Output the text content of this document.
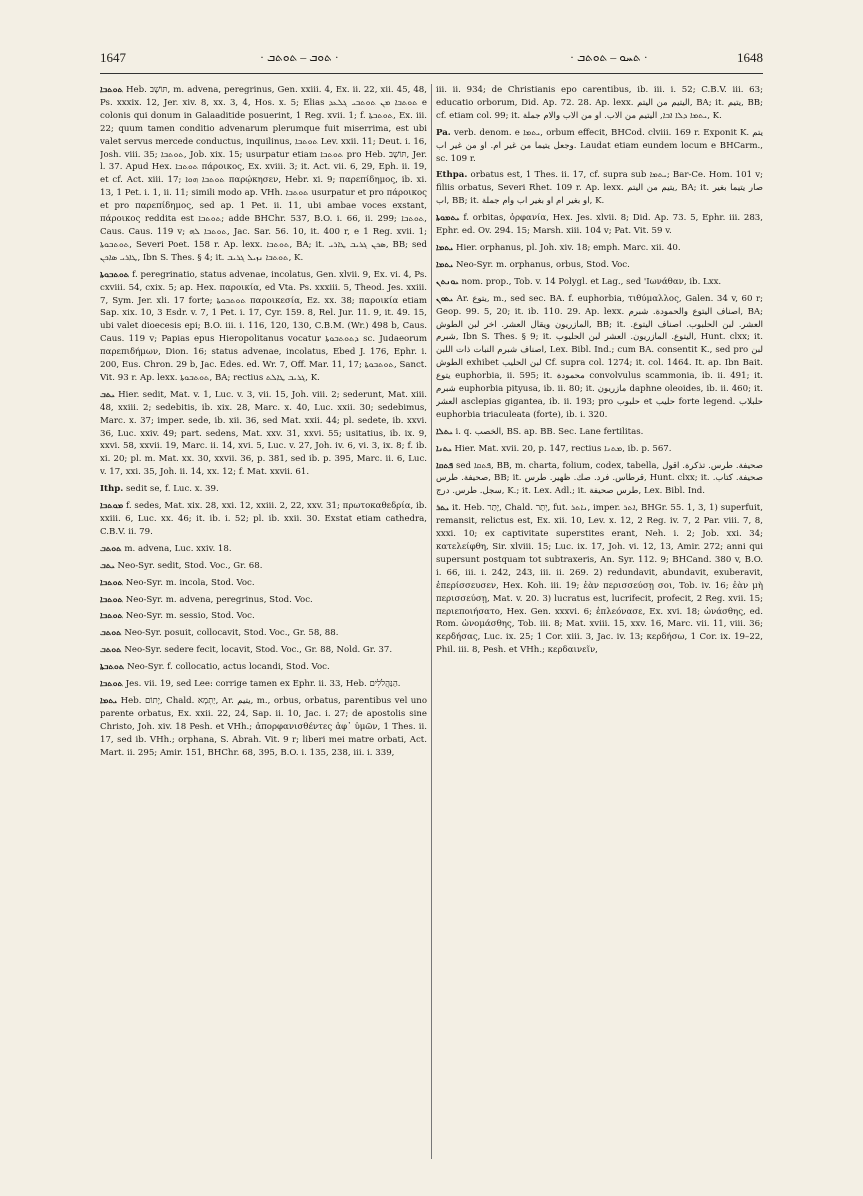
1647	· ܬܘܒ – ܬܘܬܒ ·	· ܬܚܘ – ܬܘܬܒ ·	1648

ܬܘܬܒܐ Heb. תּוֹשָׁב, m. advena, peregrinus, Gen. xxiii. 4, Ex. ii. 22, xii. 45, 48, Ps. xxxix. 12, Jer. xiv. 8, xx. 3, 4, Hos. x. 5; Elias ܬܘܬܒܐ ܡܢ ܬܘܬܒܝ ܓܠܥܕ e colonis qui donum in Galaaditide posuerint, 1 Reg. xvii. 1; f. ܬܘܬܒܬܐ, Ex. iii. 22; quum tamen conditio advenarum plerumque fuit miserrima, est ubi valet servus mercede conductus, inquilinus, ܬܘܬܒܐ Lev. xxii. 11; Deut. i. 16, Josh. viii. 35; ܬܘܬܒܐ, Job. xix. 15; usurpatur etiam ܬܘܬܒܐ pro Heb. תּוֹשָׁב, Jer. l. 37. Apud Hex. ܬܘܬܒܐ πάροικος, Ex. xviii. 3; it. Act. vii. 6, 29, Eph. ii. 19, et cf. Act. xiii. 17; ܬܘܬܒܐ ܗܘܐ παρῴκησεν, Hebr. xi. 9; παρεπίδημος, ib. xi. 13, 1 Pet. i. 1, ii. 11; simili modo ap. VHh. ܬܘܬܒܐ usurpatur et pro πάροικος et pro παρεπίδημος, sed ap. 1 Pet. ii. 11, ubi ambae voces exstant, πάροικος reddita est ܬܘܬܒܐ; adde BHChr. 537, B.O. i. 66, ii. 299; ܬܘܬܒܐ, Caus. Caus. 119 v; ܬܘܬܒܐ ܠܗ, Jac. Sar. 56. 10, it. 400 r, e 1 Reg. xvii. 1; ܬܘܬܒܘܬܐ, Severi Poet. 158 r. Ap. lexx. ܬܘܬܒܐ, BA; it. ܣܟܢ ܓܪܝܒ ܛܐܪܝ, BB; sed ܛܐܪܝ ܣܐܟܢ, Ibn S. Thes. § 4; it. ܬܘܬܒܐ ܢܙܝܠ ܓܪܝܒ, K.

ܬܘܬܒܘܬܐ f. peregrinatio, status advenae, incolatus, Gen. xlvii. 9, Ex. vi. 4, Ps. cxviii. 54, cxix. 5; ap. Hex. παροικία, ed Vta. Ps. xxxiii. 5, Theod. Jes. xxiii. 7, Sym. Jer. xli. 17 forte; ܬܘܬܒܘܬܐ παροικεσία, Ez. xx. 38; παροικία etiam Sap. xix. 10, 3 Esdr. v. 7, 1 Pet. i. 17, Cyr. 159. 8, Rel. Jur. 11. 9, it. 49. 15, ubi valet dioecesis epi; B.O. iii. i. 116, 120, 130, C.B.M. (Wr.) 498 b, Caus. Caus. 119 v; Papias epus Hieropolitanus vocatur ܕܬܘܬܒܘܬܐ sc. Judaeorum παρεπιδήμων, Dion. 16; status advenae, incolatus, Ebed J. 176, Ephr. i. 200, Eus. Chron. 29 b, Jac. Edes. ed. Wr. 7, Off. Mar. 11, 17; ܬܘܬܒܘܬܐ, Sanct. Vit. 93 r. Ap. lexx. ܬܘܬܒܘܬܐ, BA; rectius ܓܪܝܒ ܛܐܠܬ, K.

ܝܬܒ Hier. sedit, Mat. v. 1, Luc. v. 3, vii. 15, Joh. viii. 2; sederunt, Mat. xiii. 48, xxiii. 2; sedebitis, ib. xix. 28, Marc. x. 40, Luc. xxii. 30; sedebimus, Marc. x. 37; imper. sede, ib. xii. 36, sed Mat. xxii. 44; pl. sedete, ib. xxvi. 36, Luc. xxiv. 49; part. sedens, Mat. xxv. 31, xxvi. 55; usitatius, ib. ix. 9, xxvi. 58, xxvii. 19, Marc. ii. 14, xvi. 5, Luc. v. 27, Joh. iv. 6, vi. 3, ix. 8; f. ib. xi. 20; pl. m. Mat. xx. 30, xxvii. 36, p. 381, sed ib. p. 395, Marc. ii. 6, Luc. v. 17, xxi. 35, Joh. ii. 14, xx. 12; f. Mat. xxvii. 61.

Ithp. sedit se, f. Luc. x. 39.

ܡܘܬܒܐ f. sedes, Mat. xix. 28, xxi. 12, xxiii. 2, 22, xxv. 31; πρωτοκαθεδρία, ib. xxiii. 6, Luc. xx. 46; it. ib. i. 52; pl. ib. xxii. 30. Exstat etiam cathedra, C.B.V. ii. 79.

ܬܘܬܒ m. advena, Luc. xxiv. 18.

ܝܬܒ Neo-Syr. sedit, Stod. Voc., Gr. 68.

ܬܘܬܒܐ Neo-Syr. m. incola, Stod. Voc.

ܬܘܬܒܐ Neo-Syr. m. advena, peregrinus, Stod. Voc.

ܬܘܬܒܐ Neo-Syr. m. sessio, Stod. Voc.

ܬܘܬܒ Neo-Syr. posuit, collocavit, Stod. Voc., Gr. 58, 88.

ܬܘܬܒ Neo-Syr. sedere fecit, locavit, Stod. Voc., Gr. 88, Nold. Gr. 37.

ܬܘܬܒܬܐ Neo-Syr. f. collocatio, actus locandi, Stod. Voc.

ܬܘܬܒܐ Jes. vii. 19, sed Lee: corrige tamen ex Ephr. ii. 33, Heb. הַנַּהֲלֹלִים.

ܝܬܡܐ Heb. יָתוֹם, Chald. יַתְמָא, Ar. يتيم, m., orbus, orbatus, parentibus vel uno parente orbatus, Ex. xxii. 22, 24, Sap. ii. 10, Jac. i. 27; de apostolis sine Christo, Joh. xiv. 18 Pesh. et VHh.; ἀπορφανισθέντες ἀφ᾽ ὑμῶν, 1 Thes. ii. 17, sed ib. VHh.; orphana, S. Abrah. Vit. 9 r; liberi mei matre orbati, Act. Mart. ii. 295; Amir. 151, BHChr. 68, 395, B.O. i. 135, 238, iii. i. 339,

iii. ii. 934; de Christianis epo carentibus, ib. iii. i. 52; C.B.V. iii. 63; educatio orborum, Did. Ap. 72. 28. Ap. lexx. اليتيم من اليتم, BA; it. يتيم, BB; cf. etiam col. 99; it. ܝܬܡܐ ܕܠܐ ܐܒܐ, اليتيم من الاب. او من الاب والام جملة, K.

Pa. verb. denom. e ܝܬܡܐ, orbum effecit, BHCod. clviii. 169 r. Exponit K. يتم وجعل يتيما من غير ام. او من غير اب. Laudat etiam eundem locum e BHCarm., sc. 109 r.

Ethpa. orbatus est, 1 Thes. ii. 17, cf. supra sub ܝܬܡܐ; Bar-Ce. Hom. 101 v; filiis orbatus, Severi Rhet. 109 r. Ap. lexx. يتيم من اليتم, BA; it. صار يتيما بغير اب, BB; it. او بغير ام او بغير اب وام جملة, K.

ܝܬܡܘܬܐ f. orbitas, ὀρφανία, Hex. Jes. xlvii. 8; Did. Ap. 73. 5, Ephr. iii. 283, Ephr. ed. Ov. 294. 15; Marsh. xiii. 104 v; Pat. Vit. 59 v.

ܝܬܡܐ Hier. orphanus, pl. Joh. xiv. 18; emph. Marc. xii. 40.

ܝܬܡܐ Neo-Syr. m. orphanus, orbus, Stod. Voc.

ܝܘܢܬܢ nom. prop., Tob. v. 14 Polygl. et Lag., sed 'Ιωνάθαν, ib. Lxx.

ܝܬܘܢ Ar. يتوع, m., sed sec. BA. f. euphorbia, τιθύμαλλος, Galen. 34 v, 60 r; Geop. 99. 5, 20; it. ib. 110. 29. Ap. lexx. اصناف اليتوع والحمودة. شبرم, BA; المازريون ويقال العشر. اخر لبن الطوش, BB; it. العشر. لبن الحلبوب. اصناف اليتوع. شبرم, Ibn S. Thes. § 9; it. اليتوع. المازريون. العشر لبن الحليوب, Hunt. clxx; it. اصناف شبرم النبات ذات اللبن, Lex. Bibl. Ind.; cum BA. consentit K., sed pro لبن الطوش exhibet لبن الحليب Cf. supra col. 1274; it. col. 1464. It. ap. Ibn Bait. يتوع euphorbia, ii. 595; it. محمودة convolvulus scammonia, ib. ii. 491; it. شبرم euphorbia pityusa, ib. ii. 80; it. مازريون daphne oleoides, ib. ii. 460; it. العشر asclepias gigantea, ib. ii. 193; pro حلبوب et حليب forte legend. حلبلاب euphorbia triaculeata (forte), ib. i. 320.

ܝܬܠܐ i. q. الخصب, BS. ap. BB. Sec. Lane fertilitas.

ܝܬܢܐ Hier. Mat. xvii. 20, p. 147, rectius ܡܬܢܐ, ib. p. 567.

ܦܬܩܐ sed ܦܬܩܐ, BB, m. charta, folium, codex, tabella, صحيفة. طرس. تذكرة. اقول صحيفة. طرس, BB; it. قرطاس. فرد. صك. ظهير. طرس, Hunt. clxx; it. صحيفة. كتاب. سجل. طرس. درج, K.; it. Lex. Adl.; it. طرس صحيفة, Lex. Bibl. Ind.

ܝܬܪ it. Heb. יָתַר, Chald. יְתַר, fut. ܢܐܬܪ, imper. ܐܬܪ, BHGr. 55. 1, 3, 1) superfuit, remansit, relictus est, Ex. xii. 10, Lev. x. 12, 2 Reg. iv. 7, 2 Par. viii. 7, 8, xxxi. 10; ex captivitate superstites erant, Neh. i. 2; Job. xxi. 34; κατελείφθη, Sir. xlviii. 15; Luc. ix. 17, Joh. vi. 12, 13, Amir. 272; anni qui supersunt postquam tot subtraxeris, An. Syr. 112. 9; BHCand. 380 v, B.O. i. 66, iii. i. 242, 243, iii. ii. 269. 2) redundavit, abundavit, exuberavit, ἐπερίσσευσεν, Hex. Koh. iii. 19; ἐὰν περισσεύσῃ σοι, Tob. iv. 16; ἐὰν μὴ περισσεύσῃ, Mat. v. 20. 3) lucratus est, lucrifecit, profecit, 2 Reg. xvii. 15; περιεποιήσατο, Hex. Gen. xxxvi. 6; ἐπλεόνασε, Ex. xvi. 18; ὠνάσθης, ed. Rom. ὠνομάσθης, Tob. iii. 8; Mat. xviii. 15, xxv. 16, Marc. vii. 11, viii. 36; κερδήσας, Luc. ix. 25; 1 Cor. xiii. 3, Jac. iv. 13; κερδήσω, 1 Cor. ix. 19–22, Phil. iii. 8, Pesh. et VHh.; κερδαινεῖν,
